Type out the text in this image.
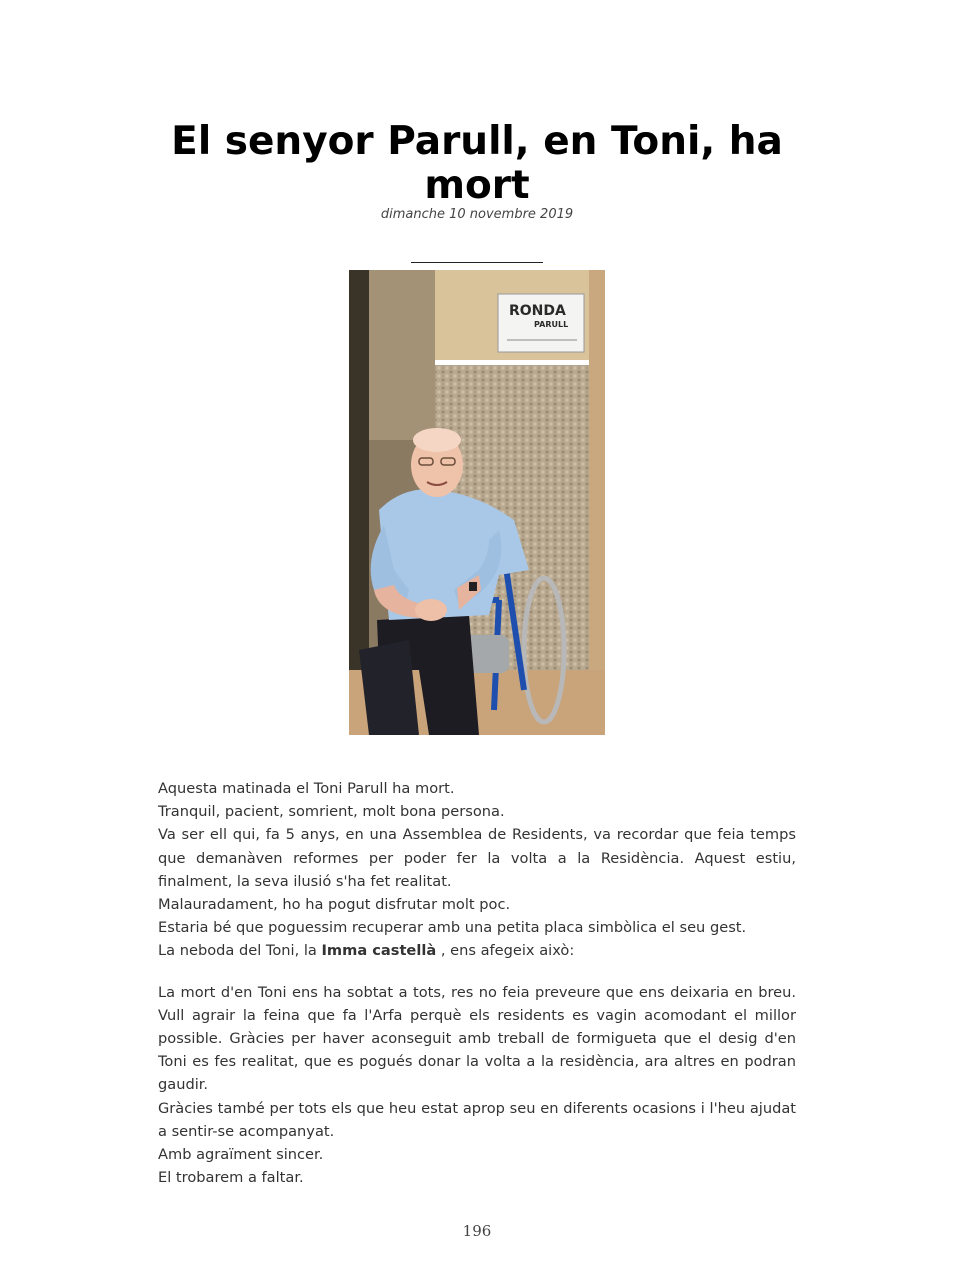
El senyor Parull, en Toni, ha mort
dimanche 10 novembre 2019
RONDA
PARULL

Aquesta matinada el Toni Parull ha mort.

Tranquil, pacient, somrient, molt bona persona.

Va ser ell qui, fa 5 anys, en una Assemblea de Residents, va recordar que feia temps que demanàven reformes per poder fer la volta a la Residència. Aquest estiu, finalment, la seva ilusió s'ha fet realitat.

Malauradament, ho ha pogut disfrutar molt poc.

Estaria bé que poguessim recuperar amb una petita placa simbòlica el seu gest.

La neboda del Toni, la Imma castellà , ens afegeix això:

La mort d'en Toni ens ha sobtat a tots, res no feia preveure que ens deixaria en breu. Vull agrair la feina que fa l'Arfa perquè els residents es vagin acomodant el millor possible. Gràcies per haver aconseguit amb treball de formigueta que el desig d'en Toni es fes realitat, que es pogués donar la volta a la residència, ara altres en podran gaudir.

Gràcies també per tots els que heu estat aprop seu en diferents ocasions i l'heu ajudat a sentir-se acompanyat.

Amb agraïment sincer.

El trobarem a faltar.

196
